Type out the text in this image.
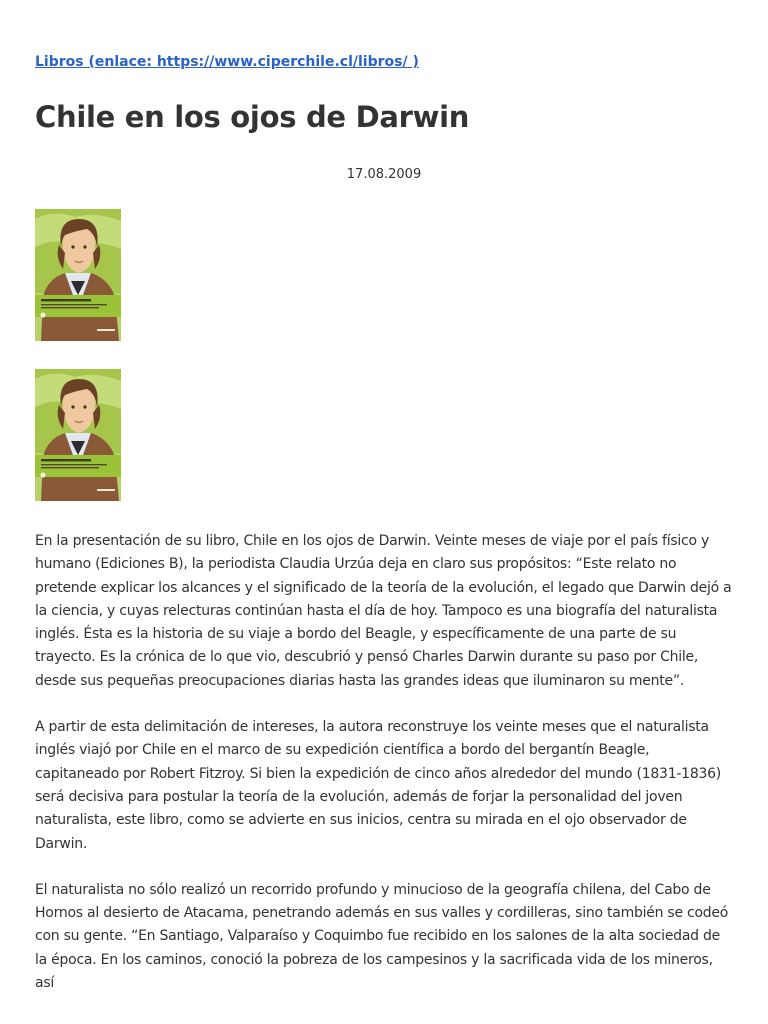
Libros (enlace: https://www.ciperchile.cl/libros/ )
Chile en los ojos de Darwin
17.08.2009

En la presentación de su libro, Chile en los ojos de Darwin. Veinte meses de viaje por el país físico y humano (Ediciones B), la periodista Claudia Urzúa deja en claro sus propósitos: “Este relato no pretende explicar los alcances y el significado de la teoría de la evolución, el legado que Darwin dejó a la ciencia, y cuyas relecturas continúan hasta el día de hoy. Tampoco es una biografía del naturalista inglés. Ésta es la historia de su viaje a bordo del Beagle, y específicamente de una parte de su trayecto. Es la crónica de lo que vio, descubrió y pensó Charles Darwin durante su paso por Chile, desde sus pequeñas preocupaciones diarias hasta las grandes ideas que iluminaron su mente”.

A partir de esta delimitación de intereses, la autora reconstruye los veinte meses que el naturalista inglés viajó por Chile en el marco de su expedición científica a bordo del bergantín Beagle, capitaneado por Robert Fitzroy. Si bien la expedición de cinco años alrededor del mundo (1831-1836) será decisiva para postular la teoría de la evolución, además de forjar la personalidad del joven naturalista, este libro, como se advierte en sus inicios, centra su mirada en el ojo observador de Darwin.

El naturalista no sólo realizó un recorrido profundo y minucioso de la geografía chilena, del Cabo de Hornos al desierto de Atacama, penetrando además en sus valles y cordilleras, sino también se codeó con su gente. “En Santiago, Valparaíso y Coquimbo fue recibido en los salones de la alta sociedad de la época. En los caminos, conoció la pobreza de los campesinos y la sacrificada vida de los mineros, así
